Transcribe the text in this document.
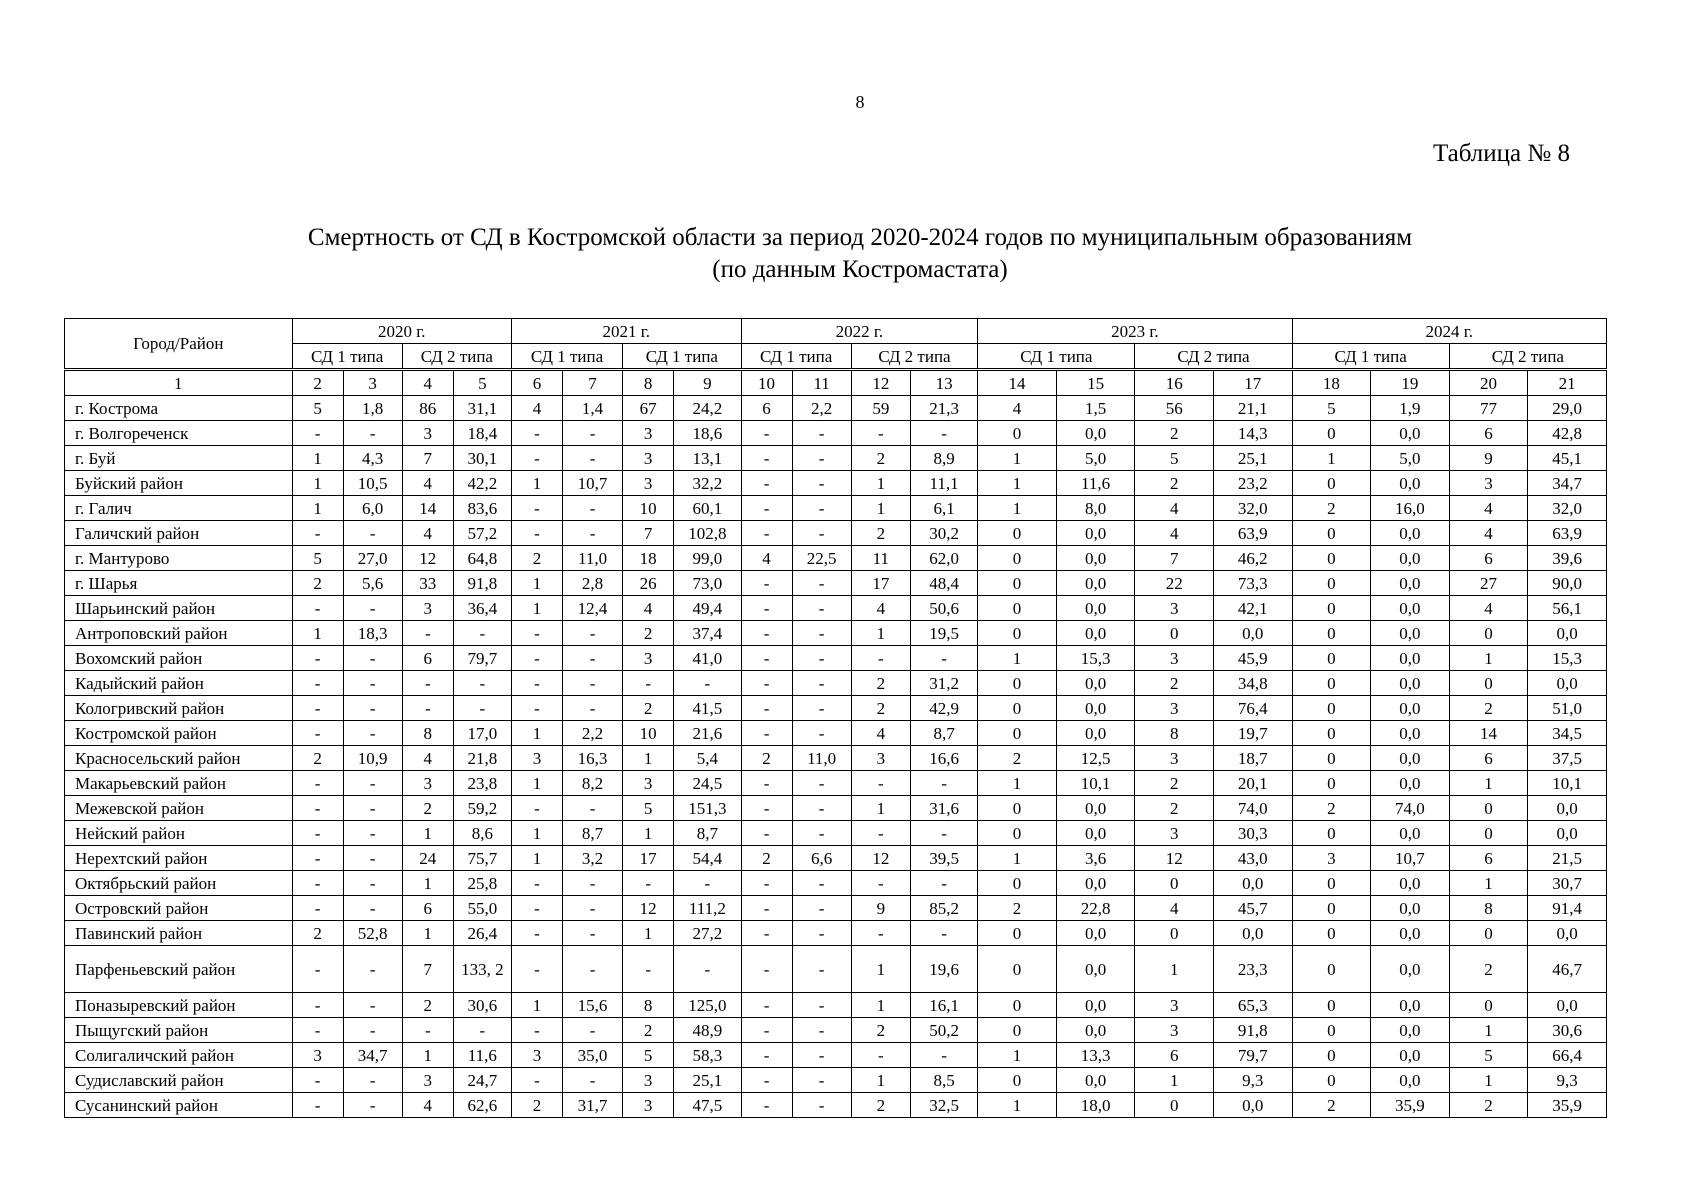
8
Таблица № 8
Смертность от СД в Костромской области за период 2020-2024 годов по муниципальным образованиям
(по данным Костромастата)
Город/Район	2020 г.				2021 г.				2022 г.				2023 г.				2024 г.			
	СД 1 типа		СД 2 типа		СД 1 типа		СД 1 типа		СД 1 типа		СД 2 типа		СД 1 типа		СД 2 типа		СД 1 типа		СД 2 типа	
1	2	3	4	5	6	7	8	9	10	11	12	13	14	15	16	17	18	19	20	21
г. Кострома	5	1,8	86	31,1	4	1,4	67	24,2	6	2,2	59	21,3	4	1,5	56	21,1	5	1,9	77	29,0
г. Волгореченск	-	-	3	18,4	-	-	3	18,6	-	-	-	-	0	0,0	2	14,3	0	0,0	6	42,8
г. Буй	1	4,3	7	30,1	-	-	3	13,1	-	-	2	8,9	1	5,0	5	25,1	1	5,0	9	45,1
Буйский район	1	10,5	4	42,2	1	10,7	3	32,2	-	-	1	11,1	1	11,6	2	23,2	0	0,0	3	34,7
г. Галич	1	6,0	14	83,6	-	-	10	60,1	-	-	1	6,1	1	8,0	4	32,0	2	16,0	4	32,0
Галичский район	-	-	4	57,2	-	-	7	102,8	-	-	2	30,2	0	0,0	4	63,9	0	0,0	4	63,9
г. Мантурово	5	27,0	12	64,8	2	11,0	18	99,0	4	22,5	11	62,0	0	0,0	7	46,2	0	0,0	6	39,6
г. Шарья	2	5,6	33	91,8	1	2,8	26	73,0	-	-	17	48,4	0	0,0	22	73,3	0	0,0	27	90,0
Шарьинский район	-	-	3	36,4	1	12,4	4	49,4	-	-	4	50,6	0	0,0	3	42,1	0	0,0	4	56,1
Антроповский район	1	18,3	-	-	-	-	2	37,4	-	-	1	19,5	0	0,0	0	0,0	0	0,0	0	0,0
Вохомский район	-	-	6	79,7	-	-	3	41,0	-	-	-	-	1	15,3	3	45,9	0	0,0	1	15,3
Кадыйский район	-	-	-	-	-	-	-	-	-	-	2	31,2	0	0,0	2	34,8	0	0,0	0	0,0
Кологривский район	-	-	-	-	-	-	2	41,5	-	-	2	42,9	0	0,0	3	76,4	0	0,0	2	51,0
Костромской район	-	-	8	17,0	1	2,2	10	21,6	-	-	4	8,7	0	0,0	8	19,7	0	0,0	14	34,5
Красносельский район	2	10,9	4	21,8	3	16,3	1	5,4	2	11,0	3	16,6	2	12,5	3	18,7	0	0,0	6	37,5
Макарьевский район	-	-	3	23,8	1	8,2	3	24,5	-	-	-	-	1	10,1	2	20,1	0	0,0	1	10,1
Межевской район	-	-	2	59,2	-	-	5	151,3	-	-	1	31,6	0	0,0	2	74,0	2	74,0	0	0,0
Нейский район	-	-	1	8,6	1	8,7	1	8,7	-	-	-	-	0	0,0	3	30,3	0	0,0	0	0,0
Нерехтский район	-	-	24	75,7	1	3,2	17	54,4	2	6,6	12	39,5	1	3,6	12	43,0	3	10,7	6	21,5
Октябрьский район	-	-	1	25,8	-	-	-	-	-	-	-	-	0	0,0	0	0,0	0	0,0	1	30,7
Островский район	-	-	6	55,0	-	-	12	111,2	-	-	9	85,2	2	22,8	4	45,7	0	0,0	8	91,4
Павинский район	2	52,8	1	26,4	-	-	1	27,2	-	-	-	-	0	0,0	0	0,0	0	0,0	0	0,0
Парфеньевский район	-	-	7	133, 2	-	-	-	-	-	-	1	19,6	0	0,0	1	23,3	0	0,0	2	46,7
Поназыревский район	-	-	2	30,6	1	15,6	8	125,0	-	-	1	16,1	0	0,0	3	65,3	0	0,0	0	0,0
Пыщугский район	-	-	-	-	-	-	2	48,9	-	-	2	50,2	0	0,0	3	91,8	0	0,0	1	30,6
Солигаличский район	3	34,7	1	11,6	3	35,0	5	58,3	-	-	-	-	1	13,3	6	79,7	0	0,0	5	66,4
Судиславский район	-	-	3	24,7	-	-	3	25,1	-	-	1	8,5	0	0,0	1	9,3	0	0,0	1	9,3
Сусанинский район	-	-	4	62,6	2	31,7	3	47,5	-	-	2	32,5	1	18,0	0	0,0	2	35,9	2	35,9
